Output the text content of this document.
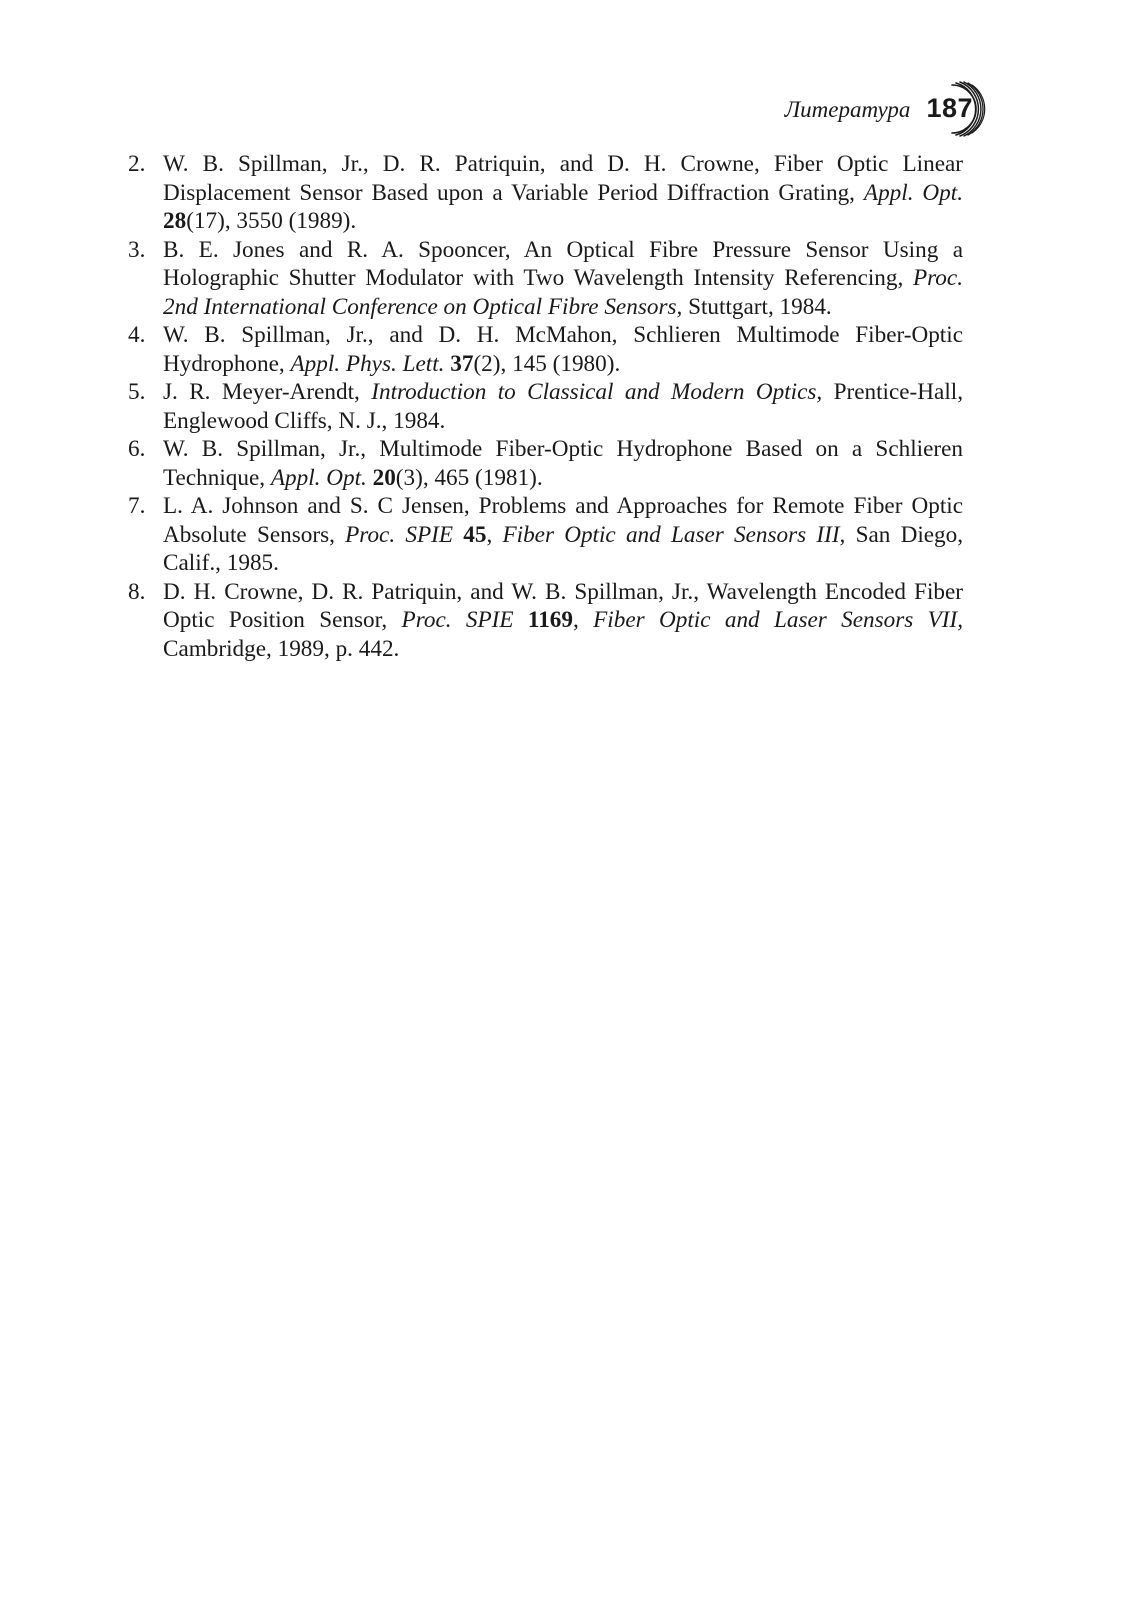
Литература 187
2. W. B. Spillman, Jr., D. R. Patriquin, and D. H. Crowne, Fiber Optic Linear Displacement Sensor Based upon a Variable Period Diffraction Grating, Appl. Opt. 28(17), 3550 (1989).
3. B. E. Jones and R. A. Spooncer, An Optical Fibre Pressure Sensor Using a Holographic Shutter Modulator with Two Wavelength Intensity Referencing, Proc. 2nd International Conference on Optical Fibre Sensors, Stuttgart, 1984.
4. W. B. Spillman, Jr., and D. H. McMahon, Schlieren Multimode Fiber-Optic Hydrophone, Appl. Phys. Lett. 37(2), 145 (1980).
5. J. R. Meyer-Arendt, Introduction to Classical and Modern Optics, Prentice-Hall, Englewood Cliffs, N. J., 1984.
6. W. B. Spillman, Jr., Multimode Fiber-Optic Hydrophone Based on a Schlieren Technique, Appl. Opt. 20(3), 465 (1981).
7. L. A. Johnson and S. C Jensen, Problems and Approaches for Remote Fiber Optic Absolute Sensors, Proc. SPIE 45, Fiber Optic and Laser Sensors III, San Diego, Calif., 1985.
8. D. H. Crowne, D. R. Patriquin, and W. B. Spillman, Jr., Wavelength Encoded Fiber Optic Position Sensor, Proc. SPIE 1169, Fiber Optic and Laser Sensors VII, Cambridge, 1989, p. 442.
